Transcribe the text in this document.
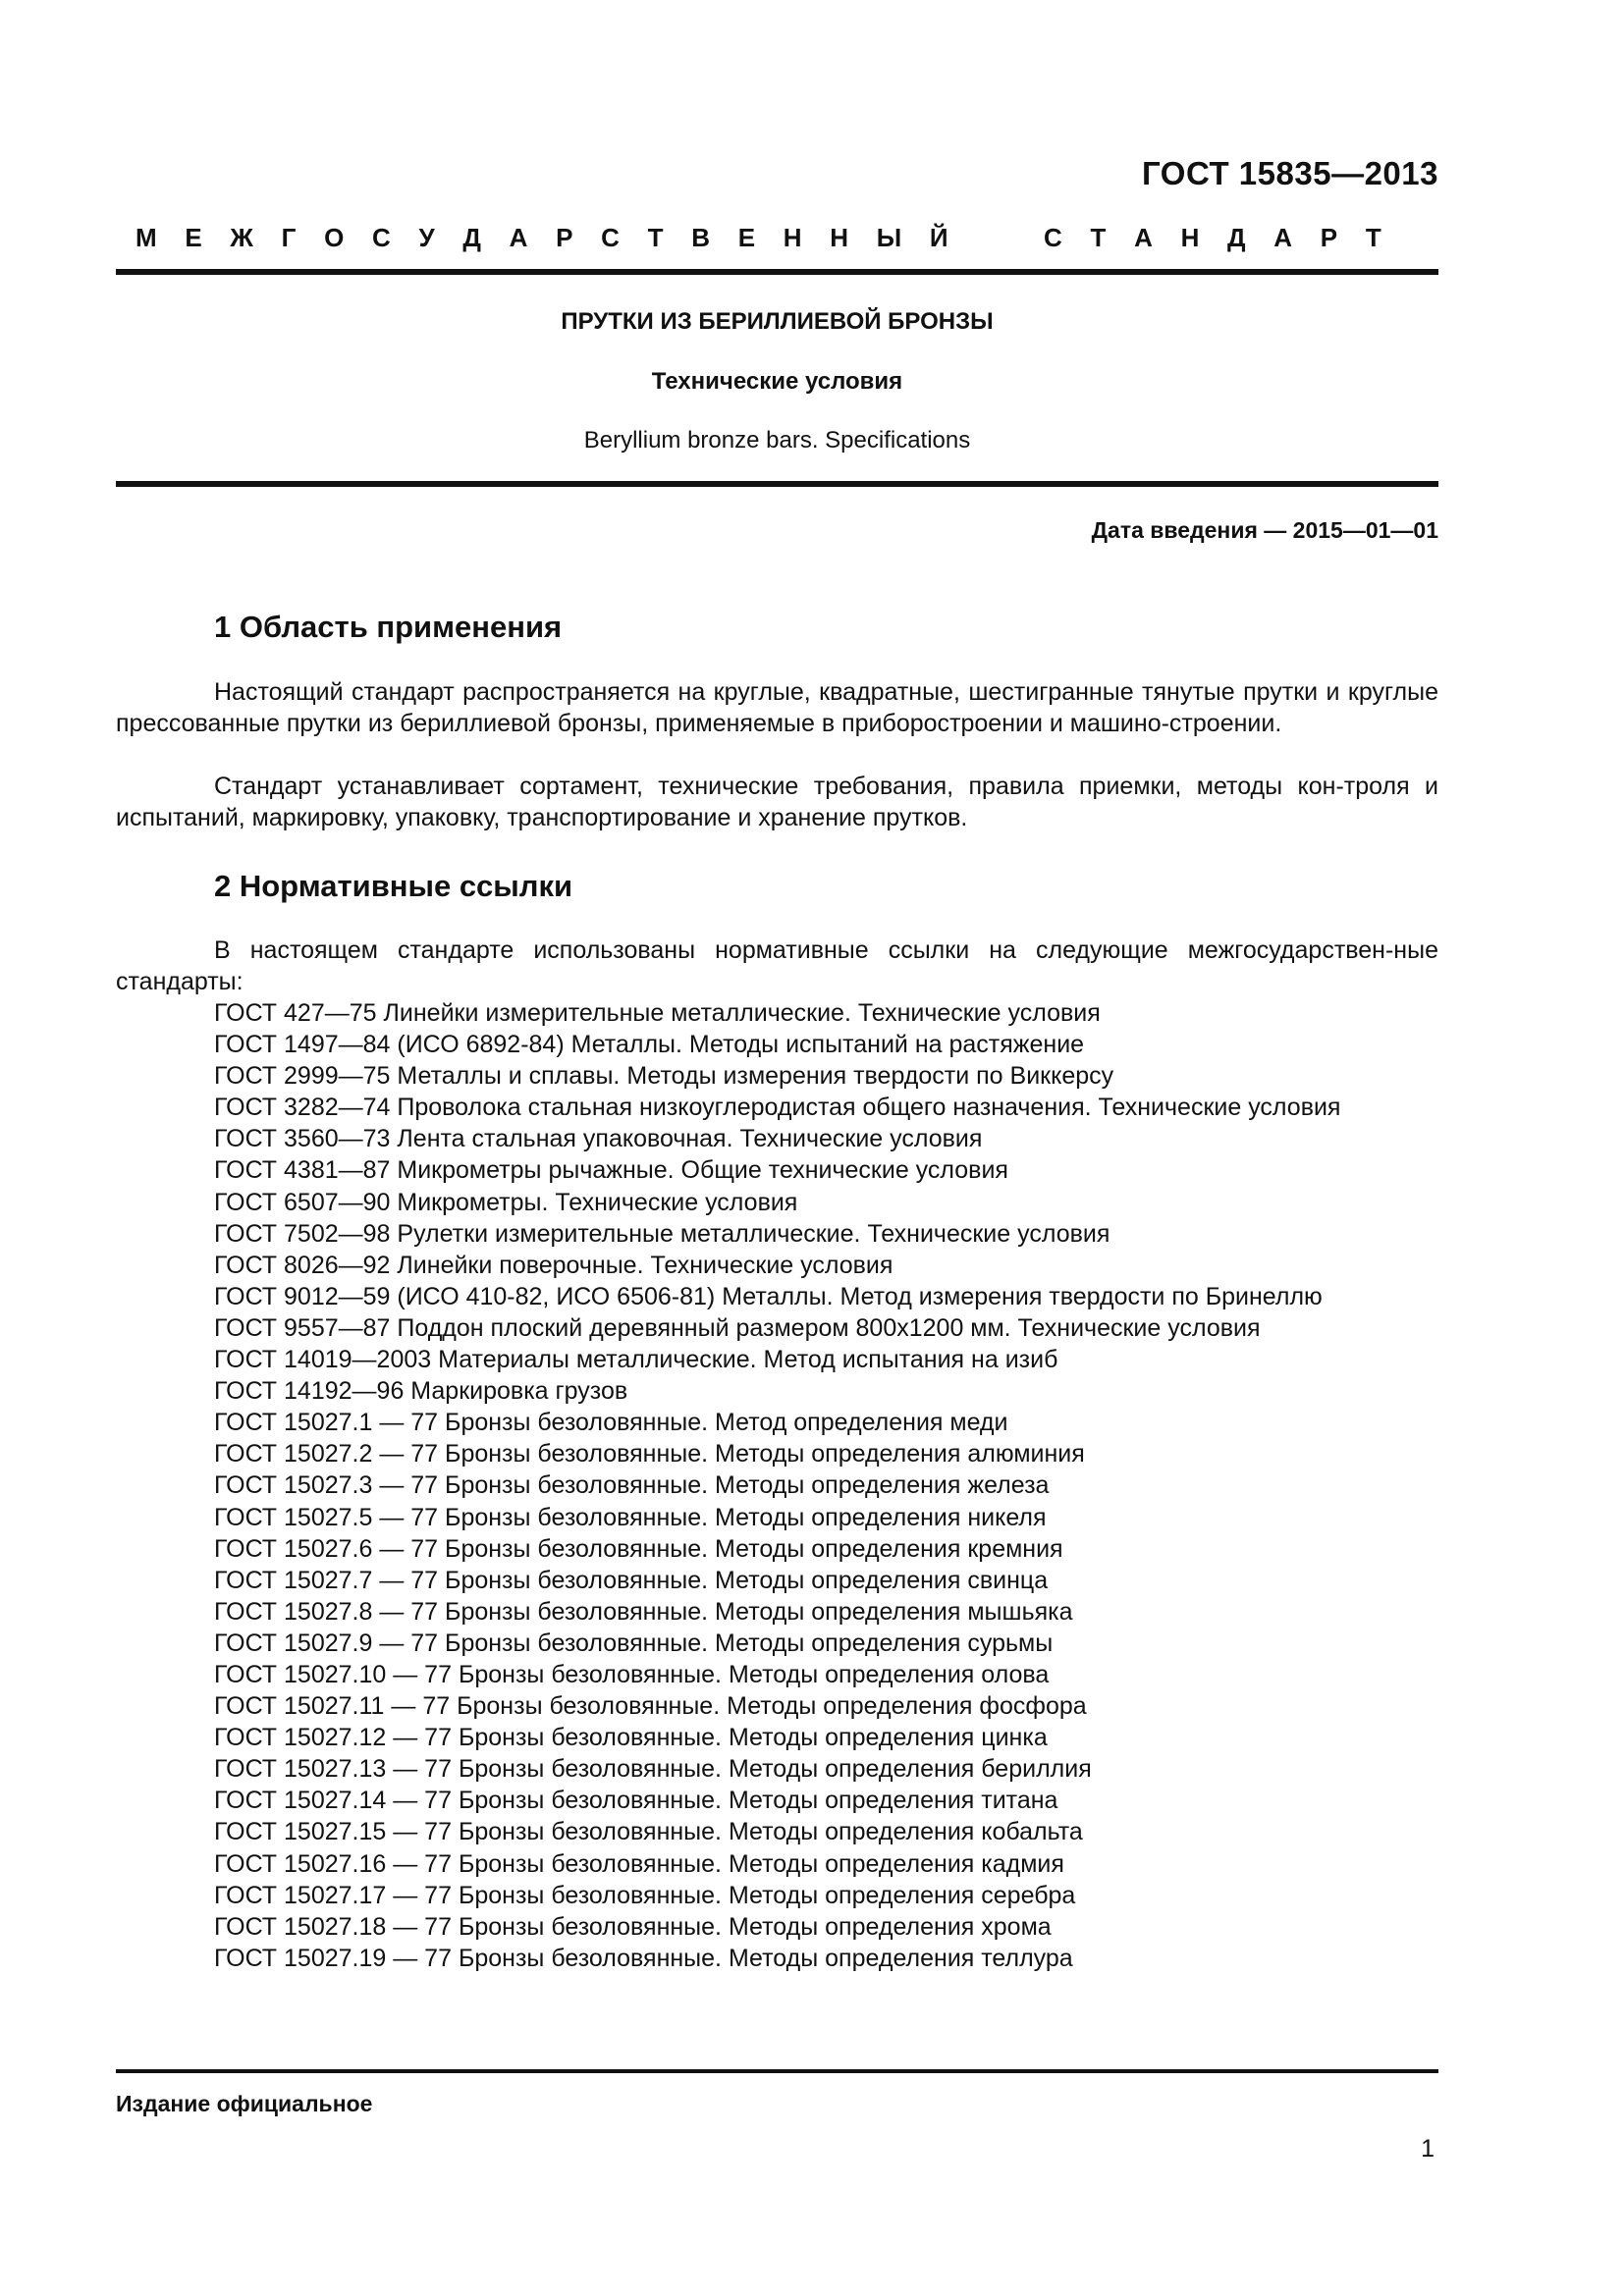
ГОСТ 15835—2013
М Е Ж Г О С У Д А Р С Т В Е Н Н Ы Й	С Т А Н Д А Р Т
ПРУТКИ ИЗ БЕРИЛЛИЕВОЙ БРОНЗЫ
Технические условия
Beryllium bronze bars. Specifications
Дата введения — 2015—01—01
1 Область применения

Настоящий стандарт распространяется на круглые, квадратные, шестигранные тянутые прутки и круглые прессованные прутки из бериллиевой бронзы, применяемые в приборостроении и машино-строении.

Стандарт устанавливает сортамент, технические требования, правила приемки, методы кон-троля и испытаний, маркировку, упаковку, транспортирование и хранение прутков.

2 Нормативные ссылки

В настоящем стандарте использованы нормативные ссылки на следующие межгосударствен-ные стандарты:

ГОСТ 427—75 Линейки измерительные металлические. Технические условия
ГОСТ 1497—84 (ИСО 6892-84) Металлы. Методы испытаний на растяжение
ГОСТ 2999—75 Металлы и сплавы. Методы измерения твердости по Виккерсу
ГОСТ 3282—74 Проволока стальная низкоуглеродистая общего назначения. Технические условия
ГОСТ 3560—73 Лента стальная упаковочная. Технические условия
ГОСТ 4381—87 Микрометры рычажные. Общие технические условия
ГОСТ 6507—90 Микрометры. Технические условия
ГОСТ 7502—98 Рулетки измерительные металлические. Технические условия
ГОСТ 8026—92 Линейки поверочные. Технические условия
ГОСТ 9012—59 (ИСО 410-82, ИСО 6506-81) Металлы. Метод измерения твердости по Бринеллю
ГОСТ 9557—87 Поддон плоский деревянный размером 800x1200 мм. Технические условия
ГОСТ 14019—2003 Материалы металлические. Метод испытания на изиб
ГОСТ 14192—96 Маркировка грузов
ГОСТ 15027.1 — 77 Бронзы безоловянные. Метод определения меди
ГОСТ 15027.2 — 77 Бронзы безоловянные. Методы определения алюминия
ГОСТ 15027.3 — 77 Бронзы безоловянные. Методы определения железа
ГОСТ 15027.5 — 77 Бронзы безоловянные. Методы определения никеля
ГОСТ 15027.6 — 77 Бронзы безоловянные. Методы определения кремния
ГОСТ 15027.7 — 77 Бронзы безоловянные. Методы определения свинца
ГОСТ 15027.8 — 77 Бронзы безоловянные. Методы определения мышьяка
ГОСТ 15027.9 — 77 Бронзы безоловянные. Методы определения сурьмы
ГОСТ 15027.10 — 77 Бронзы безоловянные. Методы определения олова
ГОСТ 15027.11 — 77 Бронзы безоловянные. Методы определения фосфора
ГОСТ 15027.12 — 77 Бронзы безоловянные. Методы определения цинка
ГОСТ 15027.13 — 77 Бронзы безоловянные. Методы определения бериллия
ГОСТ 15027.14 — 77 Бронзы безоловянные. Методы определения титана
ГОСТ 15027.15 — 77 Бронзы безоловянные. Методы определения кобальта
ГОСТ 15027.16 — 77 Бронзы безоловянные. Методы определения кадмия
ГОСТ 15027.17 — 77 Бронзы безоловянные. Методы определения серебра
ГОСТ 15027.18 — 77 Бронзы безоловянные. Методы определения хрома
ГОСТ 15027.19 — 77 Бронзы безоловянные. Методы определения теллура
Издание официальное
1
